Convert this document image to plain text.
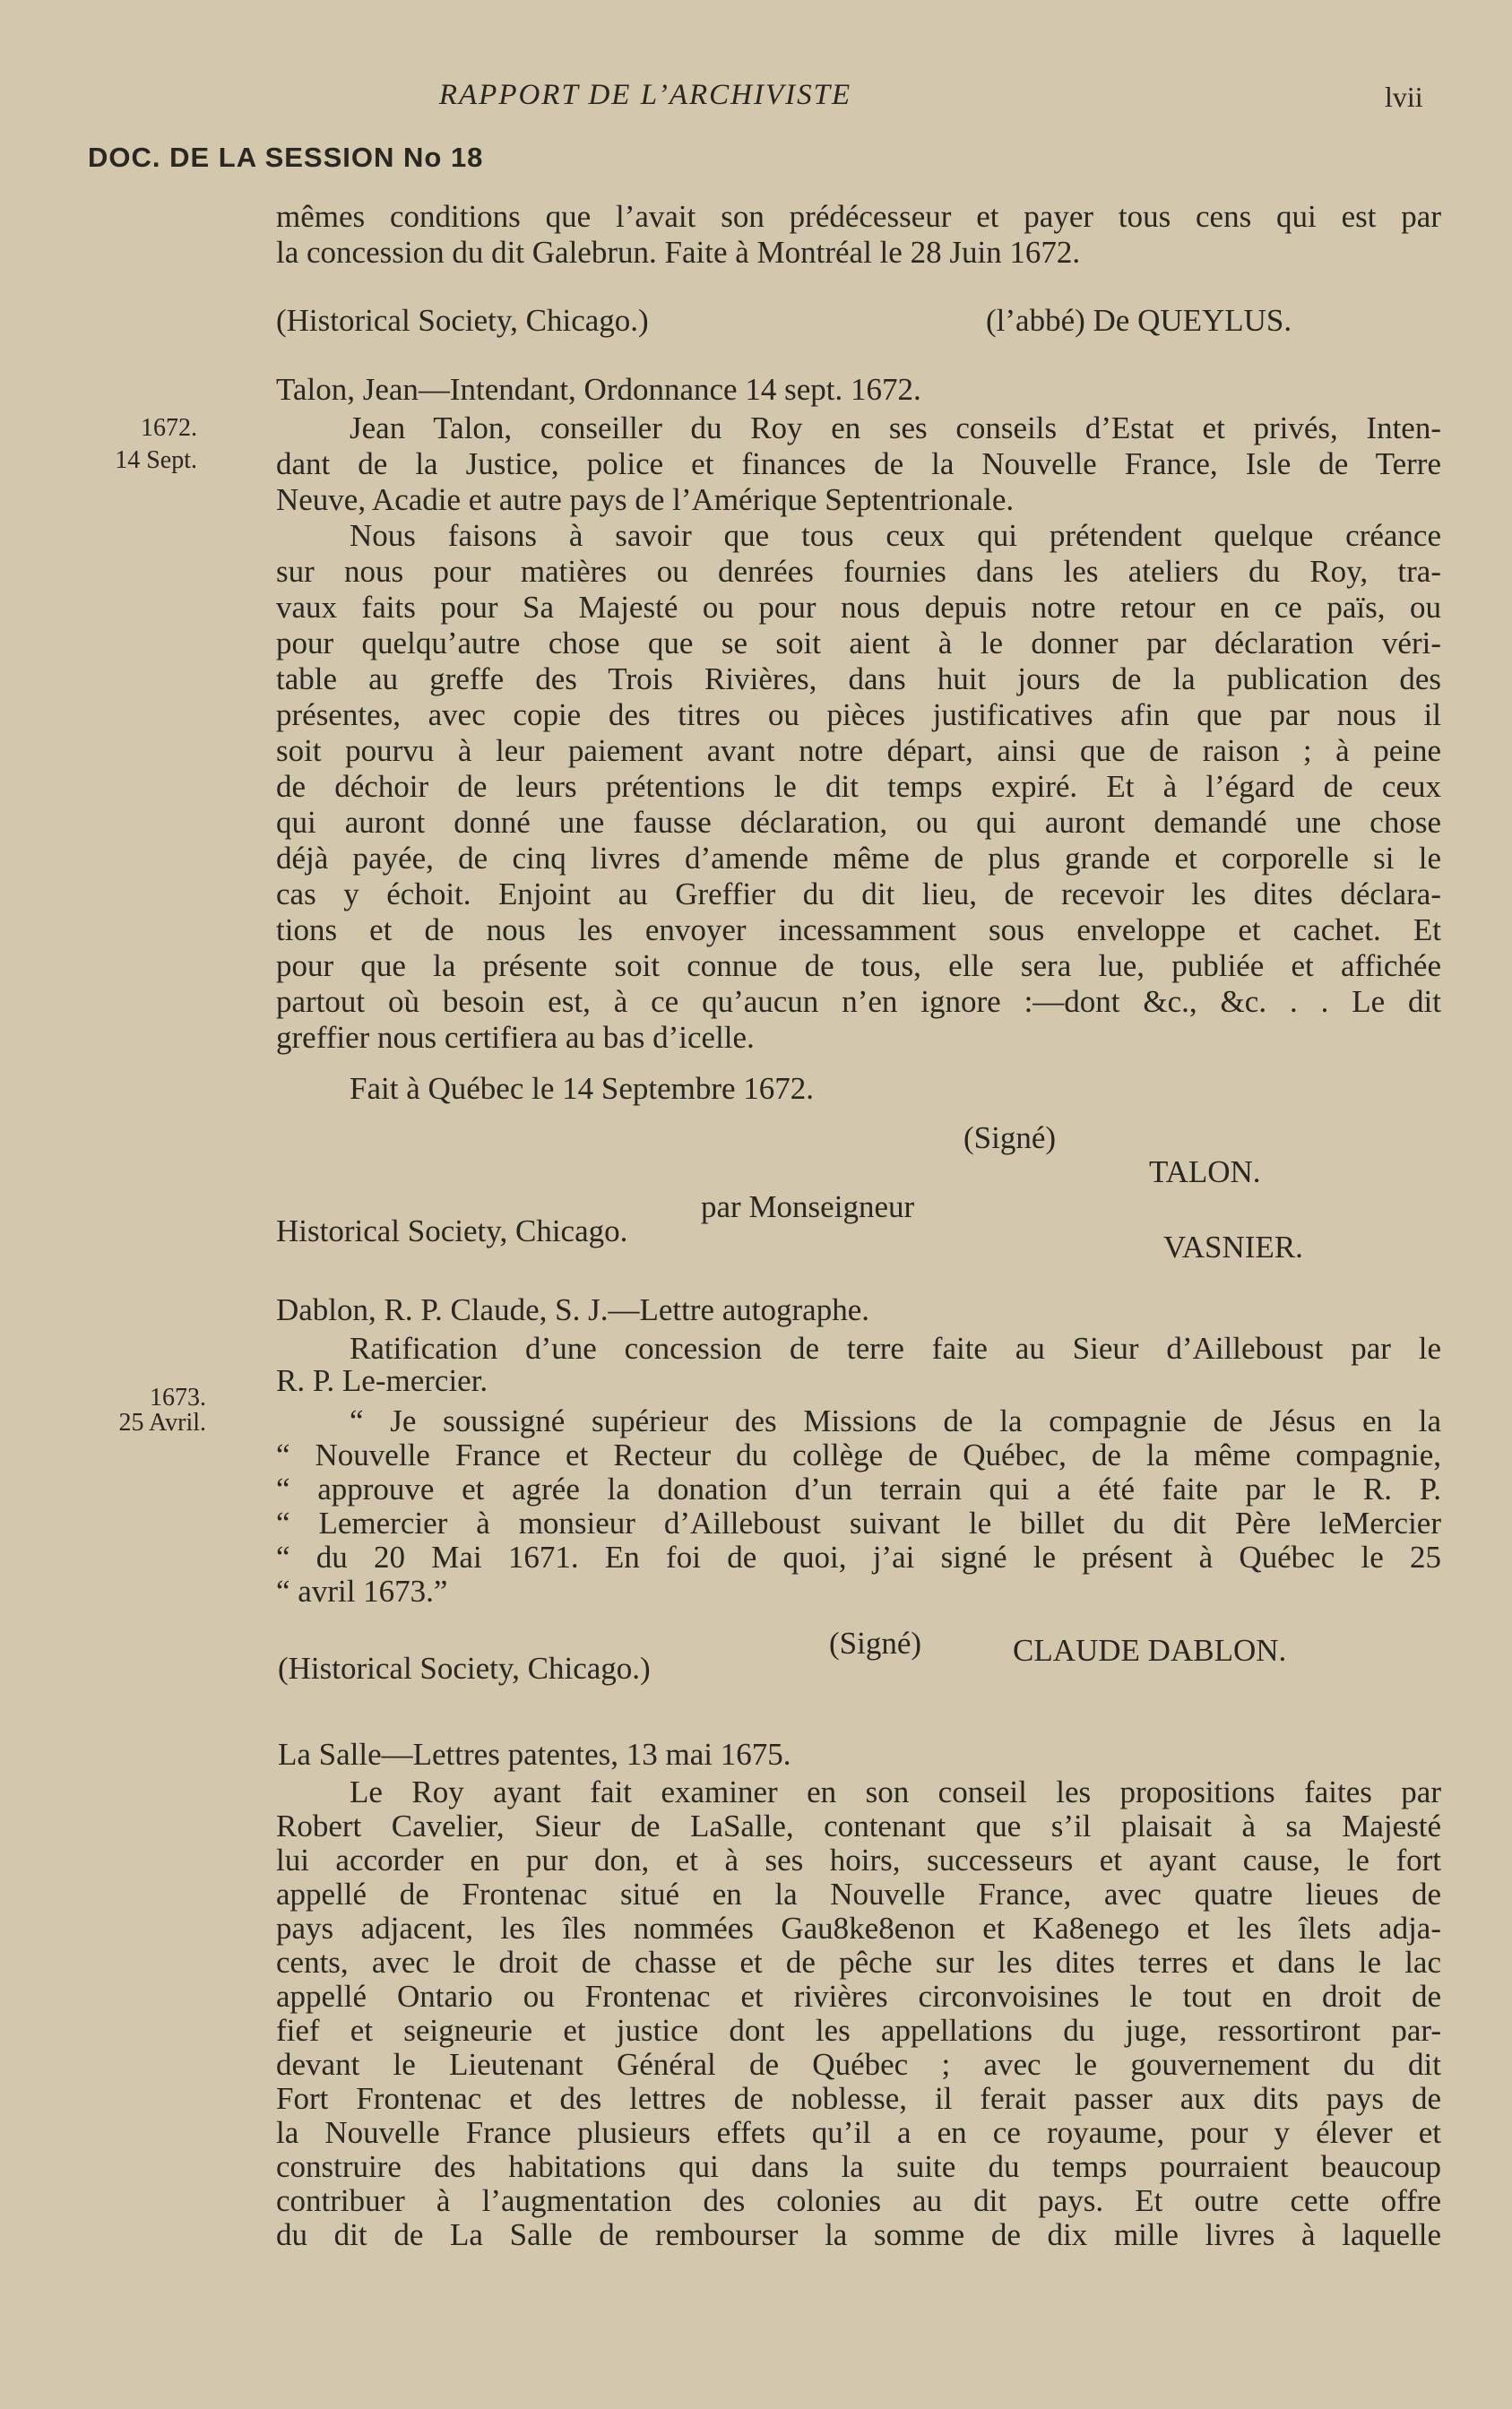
RAPPORT DE L’ARCHIVISTE	lvii
DOC. DE LA SESSION No 18
mêmes conditions que l’avait son prédécesseur et payer tous cens qui est par
la concession du dit Galebrun. Faite à Montréal le 28 Juin 1672.
(Historical Society, Chicago.)	(l’abbé) De QUEYLUS.
Talon, Jean—Intendant, Ordonnance 14 sept. 1672.
1672.
14 Sept.
Jean Talon, conseiller du Roy en ses conseils d’Estat et privés, Inten-
dant de la Justice, police et finances de la Nouvelle France, Isle de Terre
Neuve, Acadie et autre pays de l’Amérique Septentrionale.
Nous faisons à savoir que tous ceux qui prétendent quelque créance
sur nous pour matières ou denrées fournies dans les ateliers du Roy, tra-
vaux faits pour Sa Majesté ou pour nous depuis notre retour en ce païs, ou
pour quelqu’autre chose que se soit aient à le donner par déclaration véri-
table au greffe des Trois Rivières, dans huit jours de la publication des
présentes, avec copie des titres ou pièces justificatives afin que par nous il
soit pourvu à leur paiement avant notre départ, ainsi que de raison ; à peine
de déchoir de leurs prétentions le dit temps expiré. Et à l’égard de ceux
qui auront donné une fausse déclaration, ou qui auront demandé une chose
déjà payée, de cinq livres d’amende même de plus grande et corporelle si le
cas y échoit. Enjoint au Greffier du dit lieu, de recevoir les dites déclara-
tions et de nous les envoyer incessamment sous enveloppe et cachet. Et
pour que la présente soit connue de tous, elle sera lue, publiée et affichée
partout où besoin est, à ce qu’aucun n’en ignore :—dont &c., &c. . . Le dit
greffier nous certifiera au bas d’icelle.
Fait à Québec le 14 Septembre 1672.
(Signé)
TALON.
par Monseigneur
Historical Society, Chicago.	VASNIER.
Dablon, R. P. Claude, S. J.—Lettre autographe.
Ratification d’une concession de terre faite au Sieur d’Ailleboust par le
R. P. Le-mercier.
1673.
25 Avril.	“ Je soussigné supérieur des Missions de la compagnie de Jésus en la
“ Nouvelle France et Recteur du collège de Québec, de la même compagnie,
“ approuve et agrée la donation d’un terrain qui a été faite par le R. P.
“ Lemercier à monsieur d’Ailleboust suivant le billet du dit Père leMercier
“ du 20 Mai 1671. En foi de quoi, j’ai signé le présent à Québec le 25
“ avril 1673.”
(Signé)	CLAUDE DABLON.
(Historical Society, Chicago.)
La Salle—Lettres patentes, 13 mai 1675.
Le Roy ayant fait examiner en son conseil les propositions faites par
Robert Cavelier, Sieur de LaSalle, contenant que s’il plaisait à sa Majesté
lui accorder en pur don, et à ses hoirs, successeurs et ayant cause, le fort
appellé de Frontenac situé en la Nouvelle France, avec quatre lieues de
pays adjacent, les îles nommées Gau8ke8enon et Ka8enego et les îlets adja-
cents, avec le droit de chasse et de pêche sur les dites terres et dans le lac
appellé Ontario ou Frontenac et rivières circonvoisines le tout en droit de
fief et seigneurie et justice dont les appellations du juge, ressortiront par-
devant le Lieutenant Général de Québec ; avec le gouvernement du dit
Fort Frontenac et des lettres de noblesse, il ferait passer aux dits pays de
la Nouvelle France plusieurs effets qu’il a en ce royaume, pour y élever et
construire des habitations qui dans la suite du temps pourraient beaucoup
contribuer à l’augmentation des colonies au dit pays. Et outre cette offre
du dit de La Salle de rembourser la somme de dix mille livres à laquelle
